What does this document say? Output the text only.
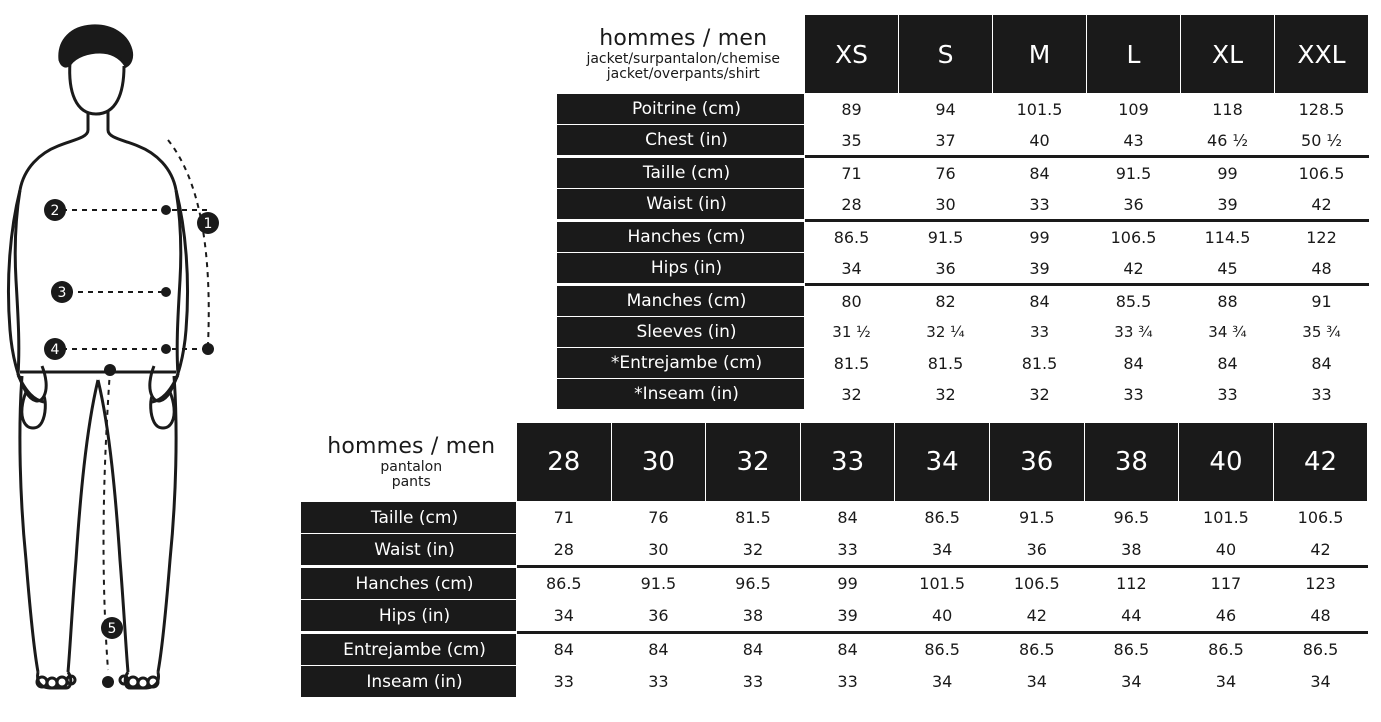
1
2
3
4
5
hommes / men
jacket/surpantalon/chemise
jacket/overpants/shirt	XS	S	M	L	XL	XXL
Poitrine (cm)	89	94	101.5	109	118	128.5
Chest (in)	35	37	40	43	46 ½	50 ½
Taille (cm)	71	76	84	91.5	99	106.5
Waist (in)	28	30	33	36	39	42
Hanches (cm)	86.5	91.5	99	106.5	114.5	122
Hips (in)	34	36	39	42	45	48
Manches (cm)	80	82	84	85.5	88	91
Sleeves (in)	31 ½	32 ¼	33	33 ¾	34 ¾	35 ¾
*Entrejambe (cm)	81.5	81.5	81.5	84	84	84
*Inseam (in)	32	32	32	33	33	33
hommes / men
pantalon
pants	28	30	32	33	34	36	38	40	42
Taille (cm)	71	76	81.5	84	86.5	91.5	96.5	101.5	106.5
Waist (in)	28	30	32	33	34	36	38	40	42
Hanches (cm)	86.5	91.5	96.5	99	101.5	106.5	112	117	123
Hips (in)	34	36	38	39	40	42	44	46	48
Entrejambe (cm)	84	84	84	84	86.5	86.5	86.5	86.5	86.5
Inseam (in)	33	33	33	33	34	34	34	34	34
